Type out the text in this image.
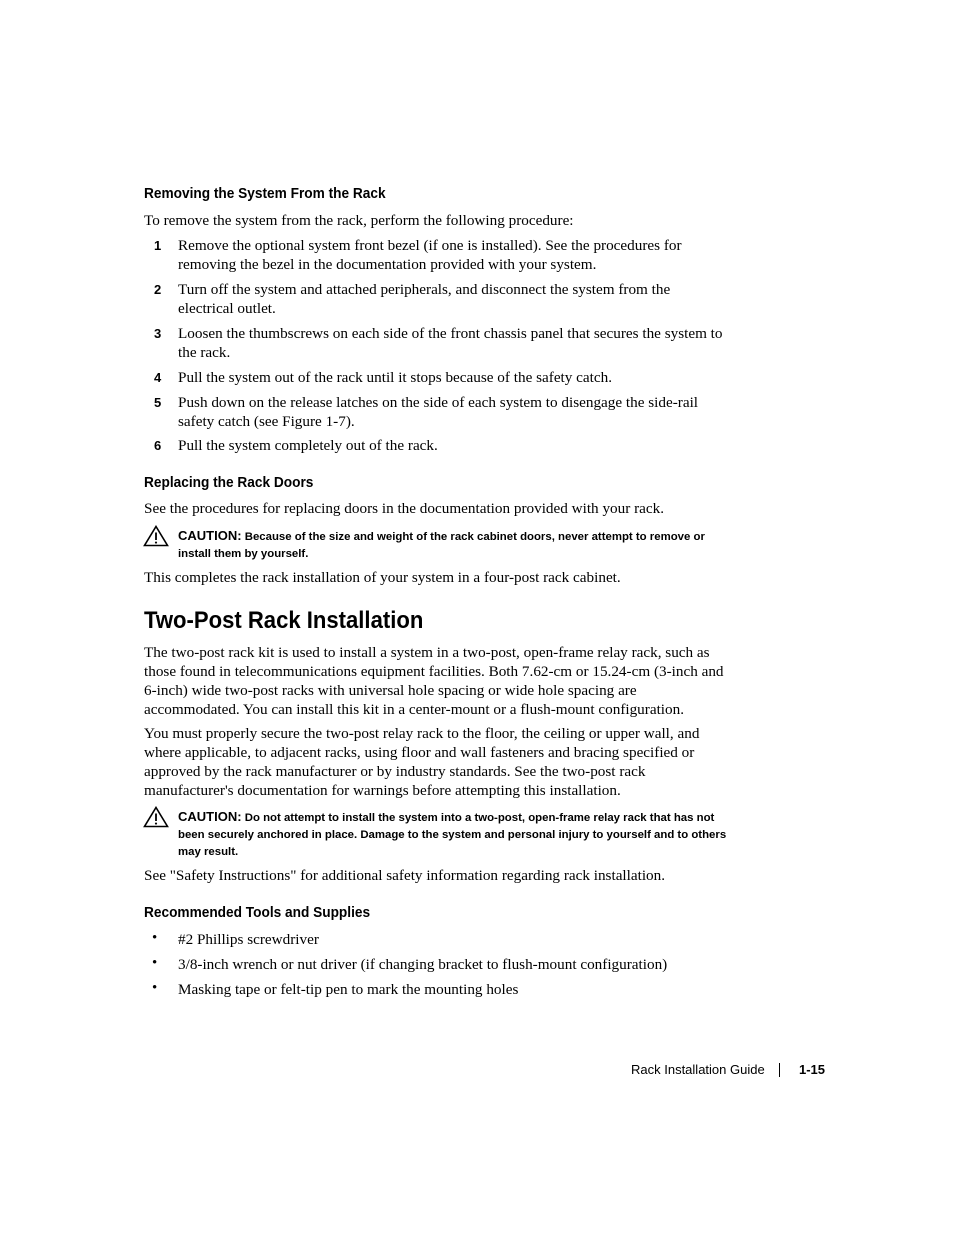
Removing the System From the Rack
To remove the system from the rack, perform the following procedure:
1 Remove the optional system front bezel (if one is installed). See the procedures for removing the bezel in the documentation provided with your system.
2 Turn off the system and attached peripherals, and disconnect the system from the electrical outlet.
3 Loosen the thumbscrews on each side of the front chassis panel that secures the system to the rack.
4 Pull the system out of the rack until it stops because of the safety catch.
5 Push down on the release latches on the side of each system to disengage the side-rail safety catch (see Figure 1-7).
6 Pull the system completely out of the rack.
Replacing the Rack Doors
See the procedures for replacing doors in the documentation provided with your rack.
CAUTION: Because of the size and weight of the rack cabinet doors, never attempt to remove or install them by yourself.
This completes the rack installation of your system in a four-post rack cabinet.
Two-Post Rack Installation
The two-post rack kit is used to install a system in a two-post, open-frame relay rack, such as those found in telecommunications equipment facilities. Both 7.62-cm or 15.24-cm (3-inch and 6-inch) wide two-post racks with universal hole spacing or wide hole spacing are accommodated. You can install this kit in a center-mount or a flush-mount configuration.
You must properly secure the two-post relay rack to the floor, the ceiling or upper wall, and where applicable, to adjacent racks, using floor and wall fasteners and bracing specified or approved by the rack manufacturer or by industry standards. See the two-post rack manufacturer's documentation for warnings before attempting this installation.
CAUTION: Do not attempt to install the system into a two-post, open-frame relay rack that has not been securely anchored in place. Damage to the system and personal injury to yourself and to others may result.
See "Safety Instructions" for additional safety information regarding rack installation.
Recommended Tools and Supplies
• #2 Phillips screwdriver
• 3/8-inch wrench or nut driver (if changing bracket to flush-mount configuration)
• Masking tape or felt-tip pen to mark the mounting holes
Rack Installation Guide	1-15
